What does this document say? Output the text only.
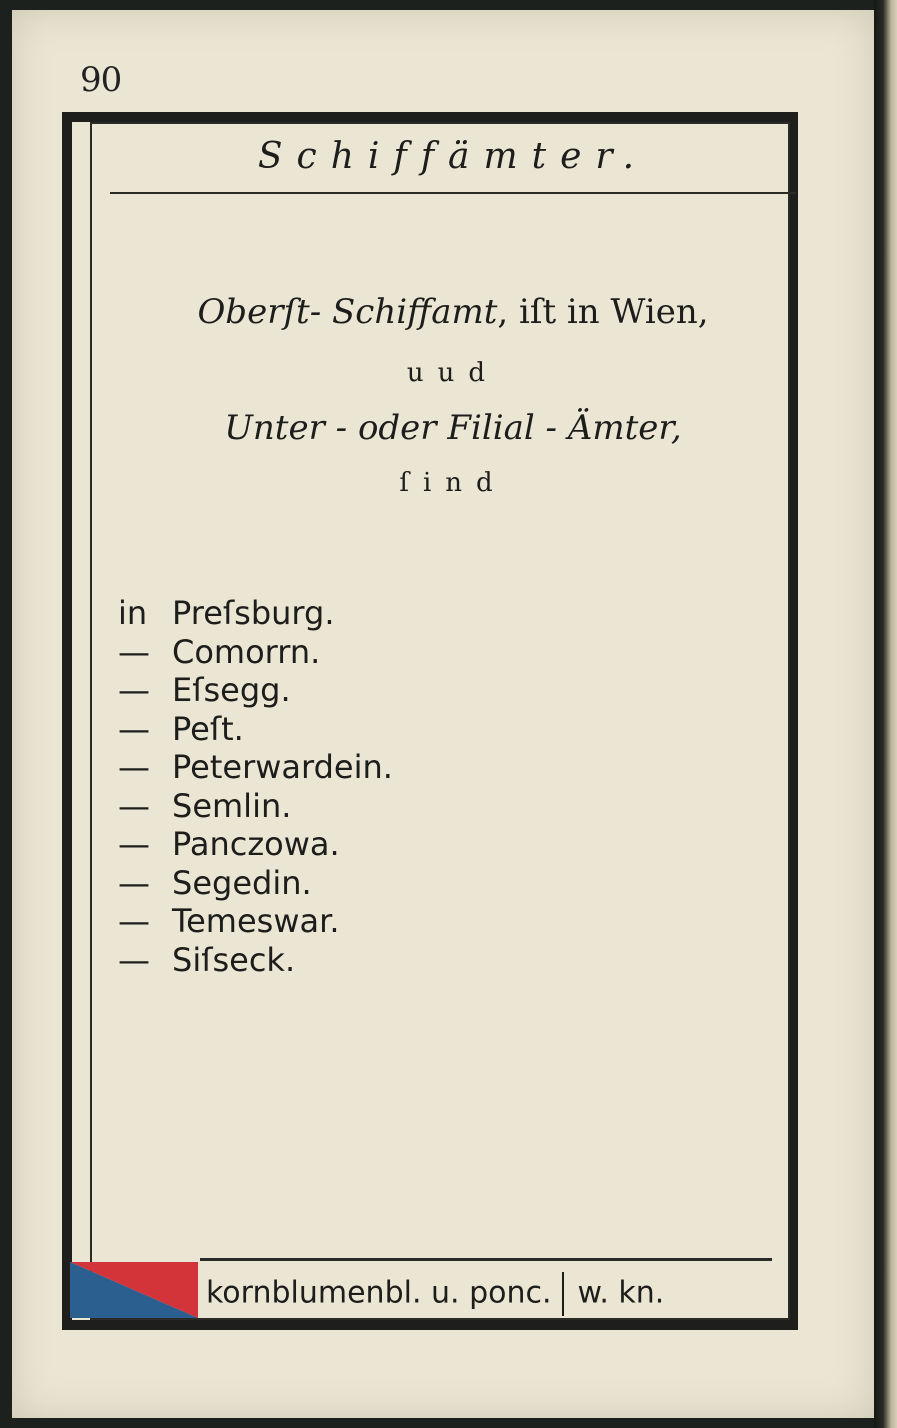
90
Schiffämter.
Oberſt- Schiffamt, iſt in Wien,
uud
Unter - oder Filial - Ämter,
ſind
in Preſsburg.
— Comorrn.
— Eſsegg.
— Peſt.
— Peterwardein.
— Semlin.
— Panczowa.
— Segedin.
— Temeswar.
— Siſseck.
kornblumenbl. u. ponc. w. kn.
